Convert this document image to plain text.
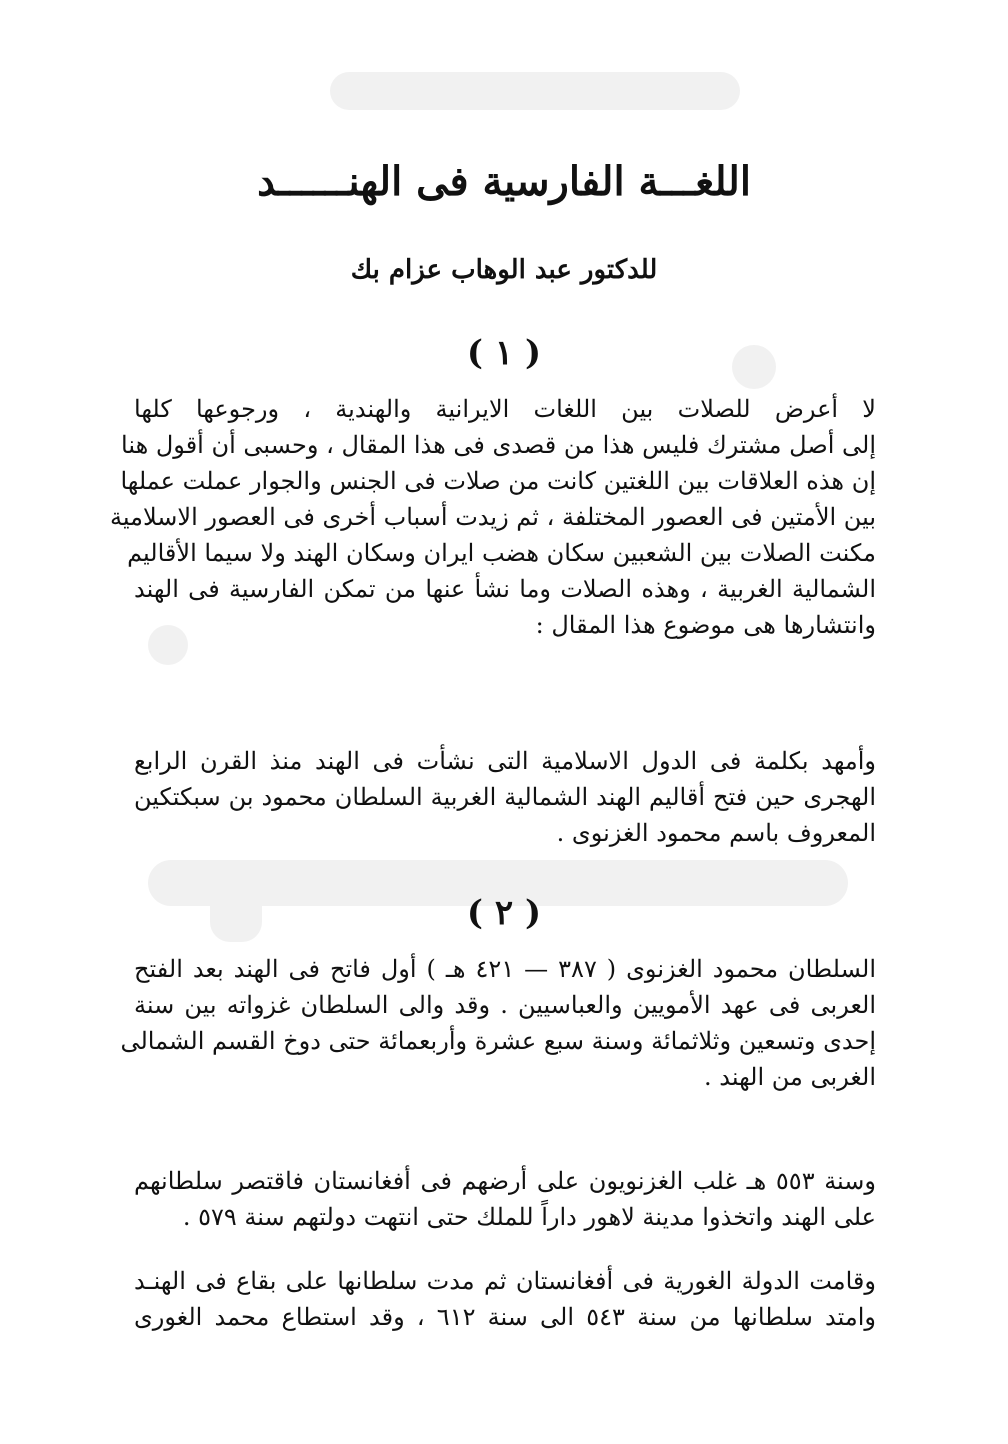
اللغـــة الفارسية فى الهنــــــد
للدكتور عبد الوهاب عزام بك
( ١ )
لا أعرض للصلات بين اللغات الايرانية والهندية ، ورجوعها كلها
إلى أصل مشترك فليس هذا من قصدى فى هذا المقال ، وحسبى أن أقول هنا
إن هذه العلاقات بين اللغتين كانت من صلات فى الجنس والجوار عملت عملها
بين الأمتين فى العصور المختلفة ، ثم زيدت أسباب أخرى فى العصور الاسلامية
مكنت الصلات بين الشعبين سكان هضب ايران وسكان الهند ولا سيما الأقاليم
الشمالية الغربية ، وهذه الصلات وما نشأ عنها من تمكن الفارسية فى الهند
وانتشارها هى موضوع هذا المقال :
وأمهد بكلمة فى الدول الاسلامية التى نشأت فى الهند منذ القرن الرابع
الهجرى حين فتح أقاليم الهند الشمالية الغربية السلطان محمود بن سبكتكين
المعروف باسم محمود الغزنوى .
( ٢ )
السلطان محمود الغزنوى ( ٣٨٧ — ٤٢١ هـ ) أول فاتح فى الهند بعد الفتح
العربى فى عهد الأمويين والعباسيين . وقد والى السلطان غزواته بين سنة
إحدى وتسعين وثلاثمائة وسنة سبع عشرة وأربعمائة حتى دوخ القسم الشمالى
الغربى من الهند .
وسنة ٥٥٣ هـ غلب الغزنويون على أرضهم فى أفغانستان فاقتصر سلطانهم
على الهند واتخذوا مدينة لاهور داراً للملك حتى انتهت دولتهم سنة ٥٧٩ .
وقامت الدولة الغورية فى أفغانستان ثم مدت سلطانها على بقاع فى الهنـد
وامتد سلطانها من سنة ٥٤٣ الى سنة ٦١٢ ، وقد استطاع محمد الغورى
